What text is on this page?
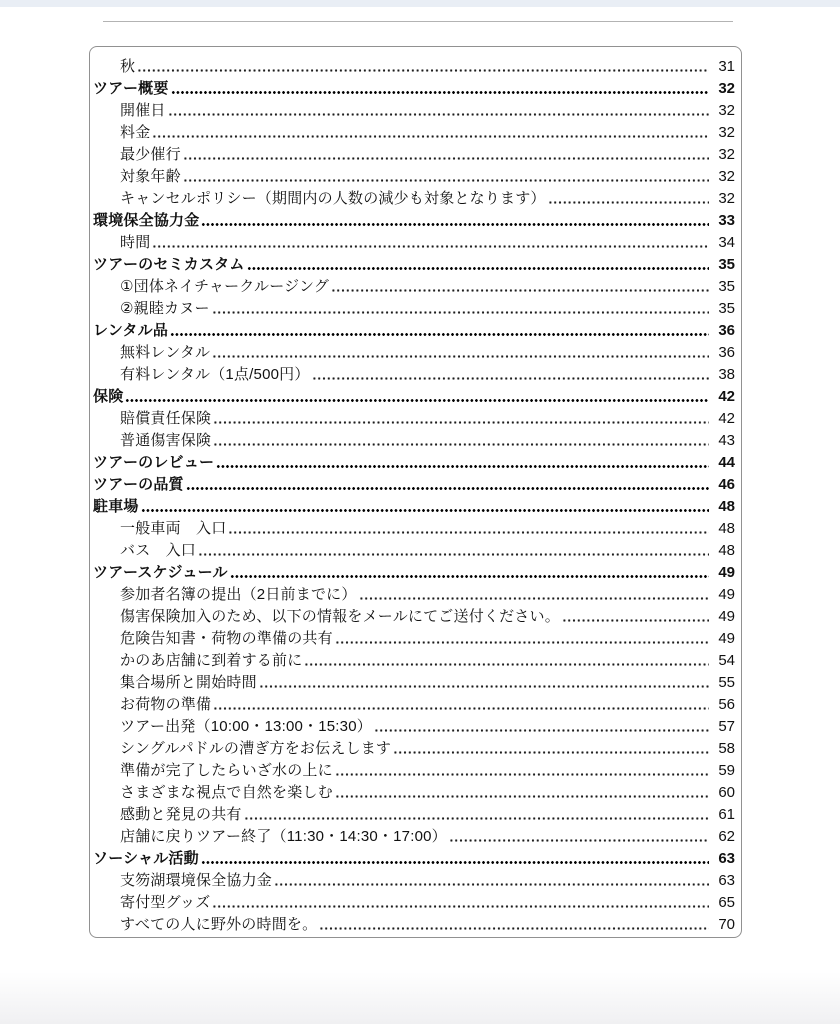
秋	31
ツアー概要	32
開催日	32
料金	32
最少催行	32
対象年齢	32
キャンセルポリシー（期間内の人数の減少も対象となります）	32
環境保全協力金	33
時間	34
ツアーのセミカスタム	35
①団体ネイチャークルージング	35
②親睦カヌー	35
レンタル品	36
無料レンタル	36
有料レンタル（1点/500円）	38
保険	42
賠償責任保険	42
普通傷害保険	43
ツアーのレビュー	44
ツアーの品質	46
駐車場	48
一般車両　入口	48
バス　入口	48
ツアースケジュール	49
参加者名簿の提出（2日前までに）	49
傷害保険加入のため、以下の情報をメールにてご送付ください。	49
危険告知書・荷物の準備の共有	49
かのあ店舗に到着する前に	54
集合場所と開始時間	55
お荷物の準備	56
ツアー出発（10:00・13:00・15:30）	57
シングルパドルの漕ぎ方をお伝えします	58
準備が完了したらいざ水の上に	59
さまざまな視点で自然を楽しむ	60
感動と発見の共有	61
店舗に戻りツアー終了（11:30・14:30・17:00）	62
ソーシャル活動	63
支笏湖環境保全協力金	63
寄付型グッズ	65
すべての人に野外の時間を。	70
